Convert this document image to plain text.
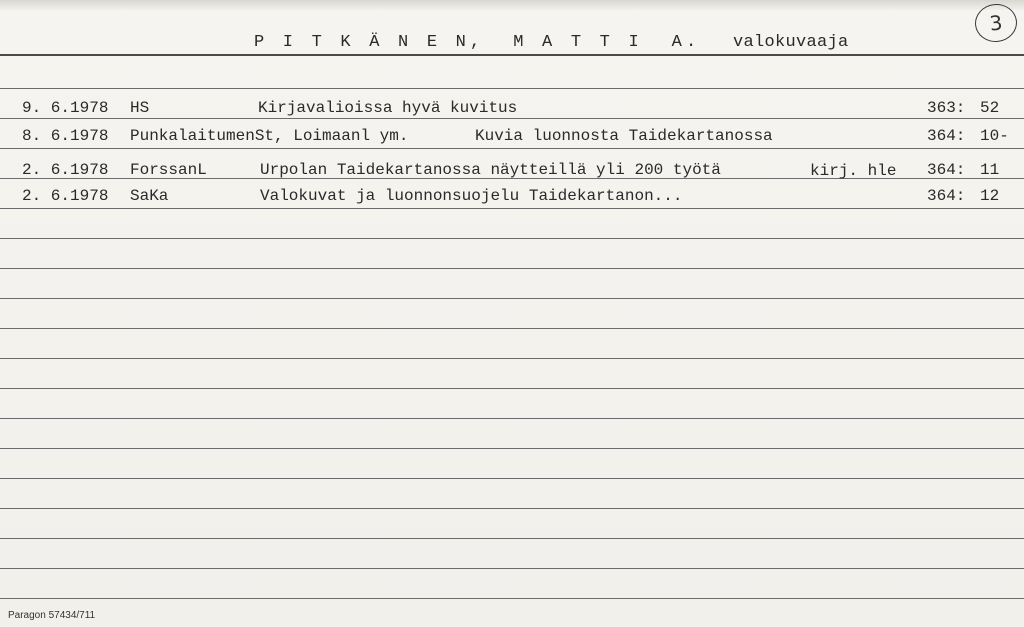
P I T K Ä N E N,  M A T T I  A. valokuvaaja
3
9. 6.1978 HS	Kirjavalioissa hyvä kuvitus	363: 52
8. 6.1978 PunkalaitumenSt, Loimaanl ym.	Kuvia luonnosta Taidekartanossa	364: 10-
2. 6.1978 ForssanL	Urpolan Taidekartanossa näytteillä yli 200 työtä	kirj. hle 364: 11
2. 6.1978 SaKa	Valokuvat ja luonnonsuojelu Taidekartanon...	364: 12
Paragon 57434/711
